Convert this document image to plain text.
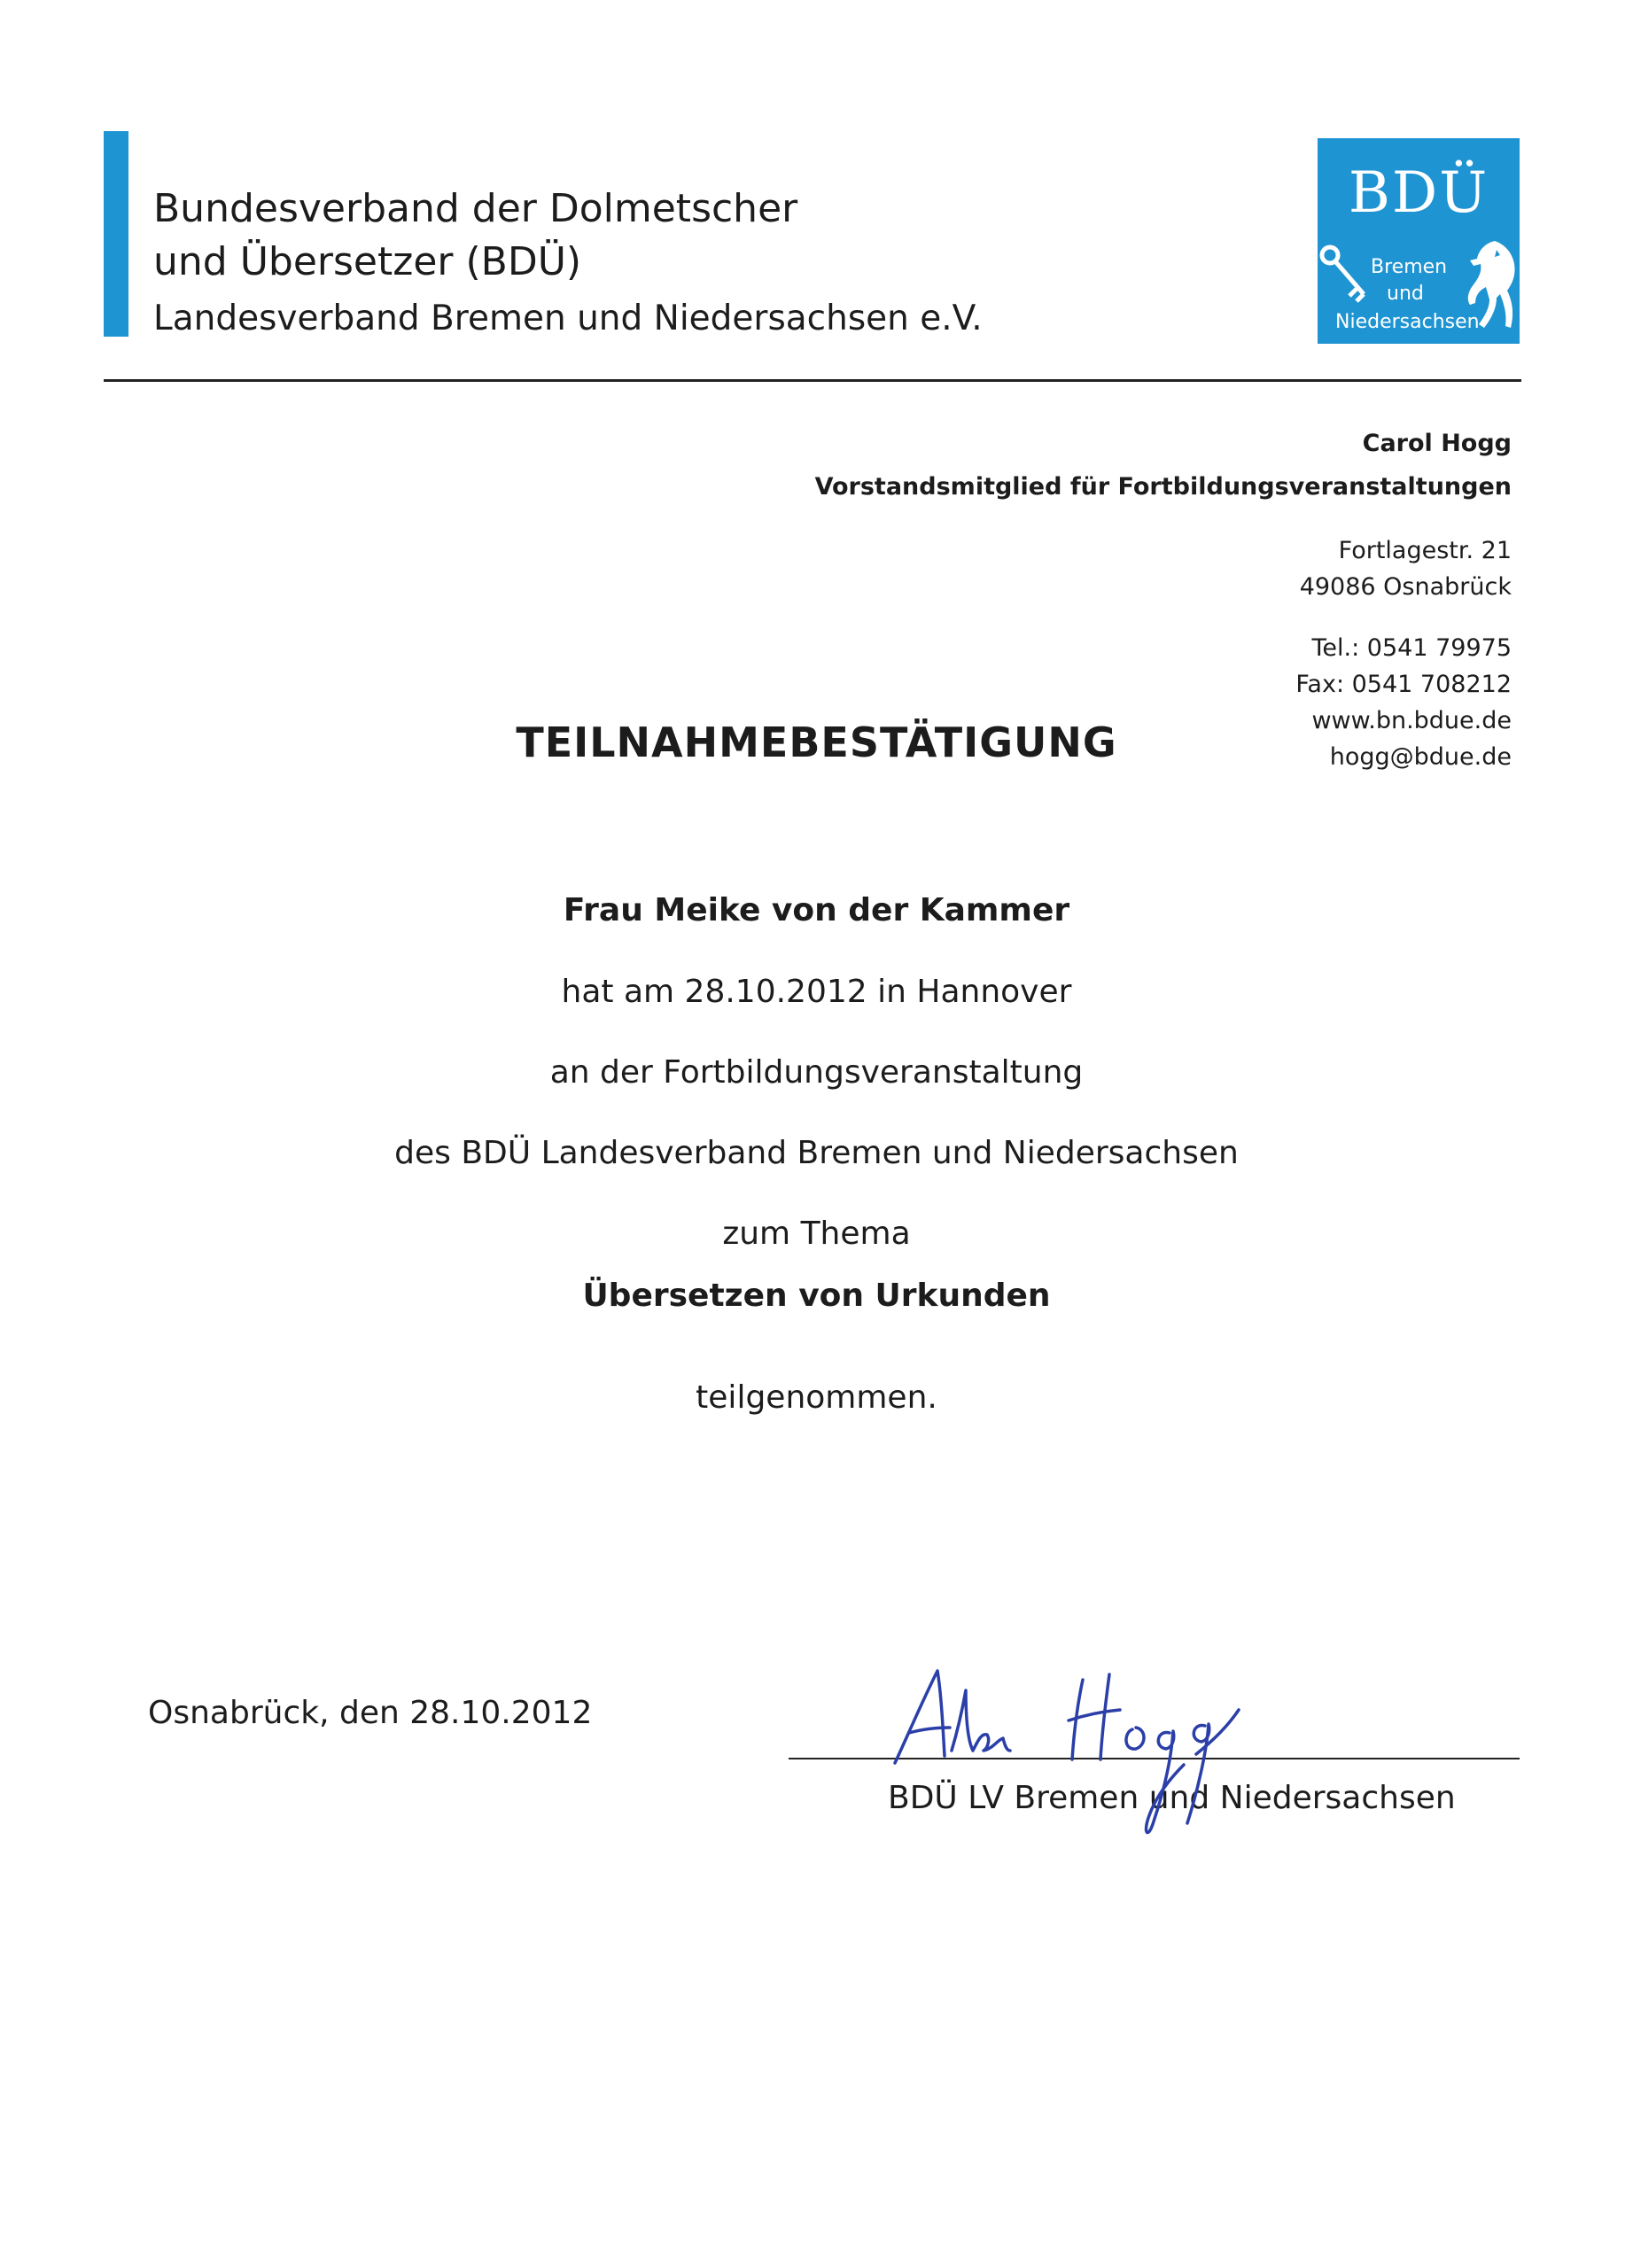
Bundesverband der Dolmetscher
und Übersetzer (BDÜ)
Landesverband Bremen und Niedersachsen e.V.
BDÜ
Bremen
und
Niedersachsen
Carol Hogg
Vorstandsmitglied für Fortbildungsveranstaltungen
Fortlagestr. 21
49086 Osnabrück
Tel.: 0541 79975
Fax: 0541 708212
www.bn.bdue.de
hogg@bdue.de
TEILNAHMEBESTÄTIGUNG
Frau Meike von der Kammer
hat am 28.10.2012 in Hannover
an der Fortbildungsveranstaltung
des BDÜ Landesverband Bremen und Niedersachsen
zum Thema
Übersetzen von Urkunden
teilgenommen.
Osnabrück, den 28.10.2012
BDÜ LV Bremen und Niedersachsen
